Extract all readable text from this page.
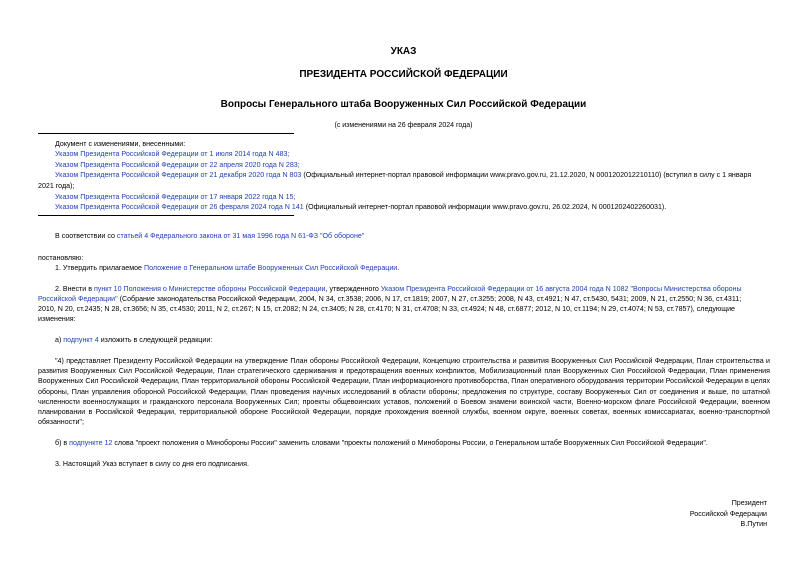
УКАЗ
ПРЕЗИДЕНТА РОССИЙСКОЙ ФЕДЕРАЦИИ
Вопросы Генерального штаба Вооруженных Сил Российской Федерации
(с изменениями на 26 февраля 2024 года)
Документ с изменениями, внесенными:
Указом Президента Российской Федерации от 1 июля 2014 года N 483;
Указом Президента Российской Федерации от 22 апреля 2020 года N 283;
Указом Президента Российской Федерации от 21 декабря 2020 года N 803 (Официальный интернет-портал правовой информации www.pravo.gov.ru, 21.12.2020, N 0001202012210110) (вступил в силу с 1 января
2021 года);
Указом Президента Российской Федерации от 17 января 2022 года N 15;
Указом Президента Российской Федерации от 26 февраля 2024 года N 141 (Официальный интернет-портал правовой информации www.pravo.gov.ru, 26.02.2024, N 0001202402260031).
В соответствии со статьей 4 Федерального закона от 31 мая 1996 года N 61-ФЗ "Об обороне"
постановляю:
1. Утвердить прилагаемое Положение о Генеральном штабе Вооруженных Сил Российской Федерации.
2. Внести в пункт 10 Положения о Министерстве обороны Российской Федерации, утвержденного Указом Президента Российской Федерации от 16 августа 2004 года N 1082 "Вопросы Министерства обороны
Российской Федерации" (Собрание законодательства Российской Федерации, 2004, N 34, ст.3538; 2006, N 17, ст.1819; 2007, N 27, ст.3255; 2008, N 43, ст.4921; N 47, ст.5430, 5431; 2009, N 21, ст.2550; N 36, ст.4311;
2010, N 20, ст.2435; N 28, ст.3656; N 35, ст.4530; 2011, N 2, ст.267; N 15, ст.2082; N 24, ст.3405; N 28, ст.4170; N 31, ст.4708; N 33, ст.4924; N 48, ст.6877; 2012, N 10, ст.1194; N 29, ст.4074; N 53, ст.7857), следующие
изменения:
а) подпункт 4 изложить в следующей редакции:
"4) представляет Президенту Российской Федерации на утверждение План обороны Российской Федерации, Концепцию строительства и развития Вооруженных Сил Российской Федерации, План строительства и развития Вооруженных Сил Российской Федерации, План стратегического сдерживания и предотвращения военных конфликтов, Мобилизационный план Вооруженных Сил Российской Федерации, План применения Вооруженных Сил Российской Федерации, План территориальной обороны Российской Федерации, План информационного противоборства, План оперативного оборудования территории Российской Федерации в целях обороны, План управления обороной Российской Федерации, План проведения научных исследований в области обороны; предложения по структуре, составу Вооруженных Сил от соединения и выше, по штатной численности военнослужащих и гражданского персонала Вооруженных Сил; проекты общевоинских уставов, положений о Боевом знамени воинской части, Военно-морском флаге Российской Федерации, военном планировании в Российской Федерации, территориальной обороне Российской Федерации, порядке прохождения военной службы, военном округе, военных советах, военных комиссариатах, военно-транспортной обязанности";
б) в подпункте 12 слова "проект положения о Минобороны России" заменить словами "проекты положений о Минобороны России, о Генеральном штабе Вооруженных Сил Российской Федерации".
3. Настоящий Указ вступает в силу со дня его подписания.
Президент
Российской Федерации
В.Путин
